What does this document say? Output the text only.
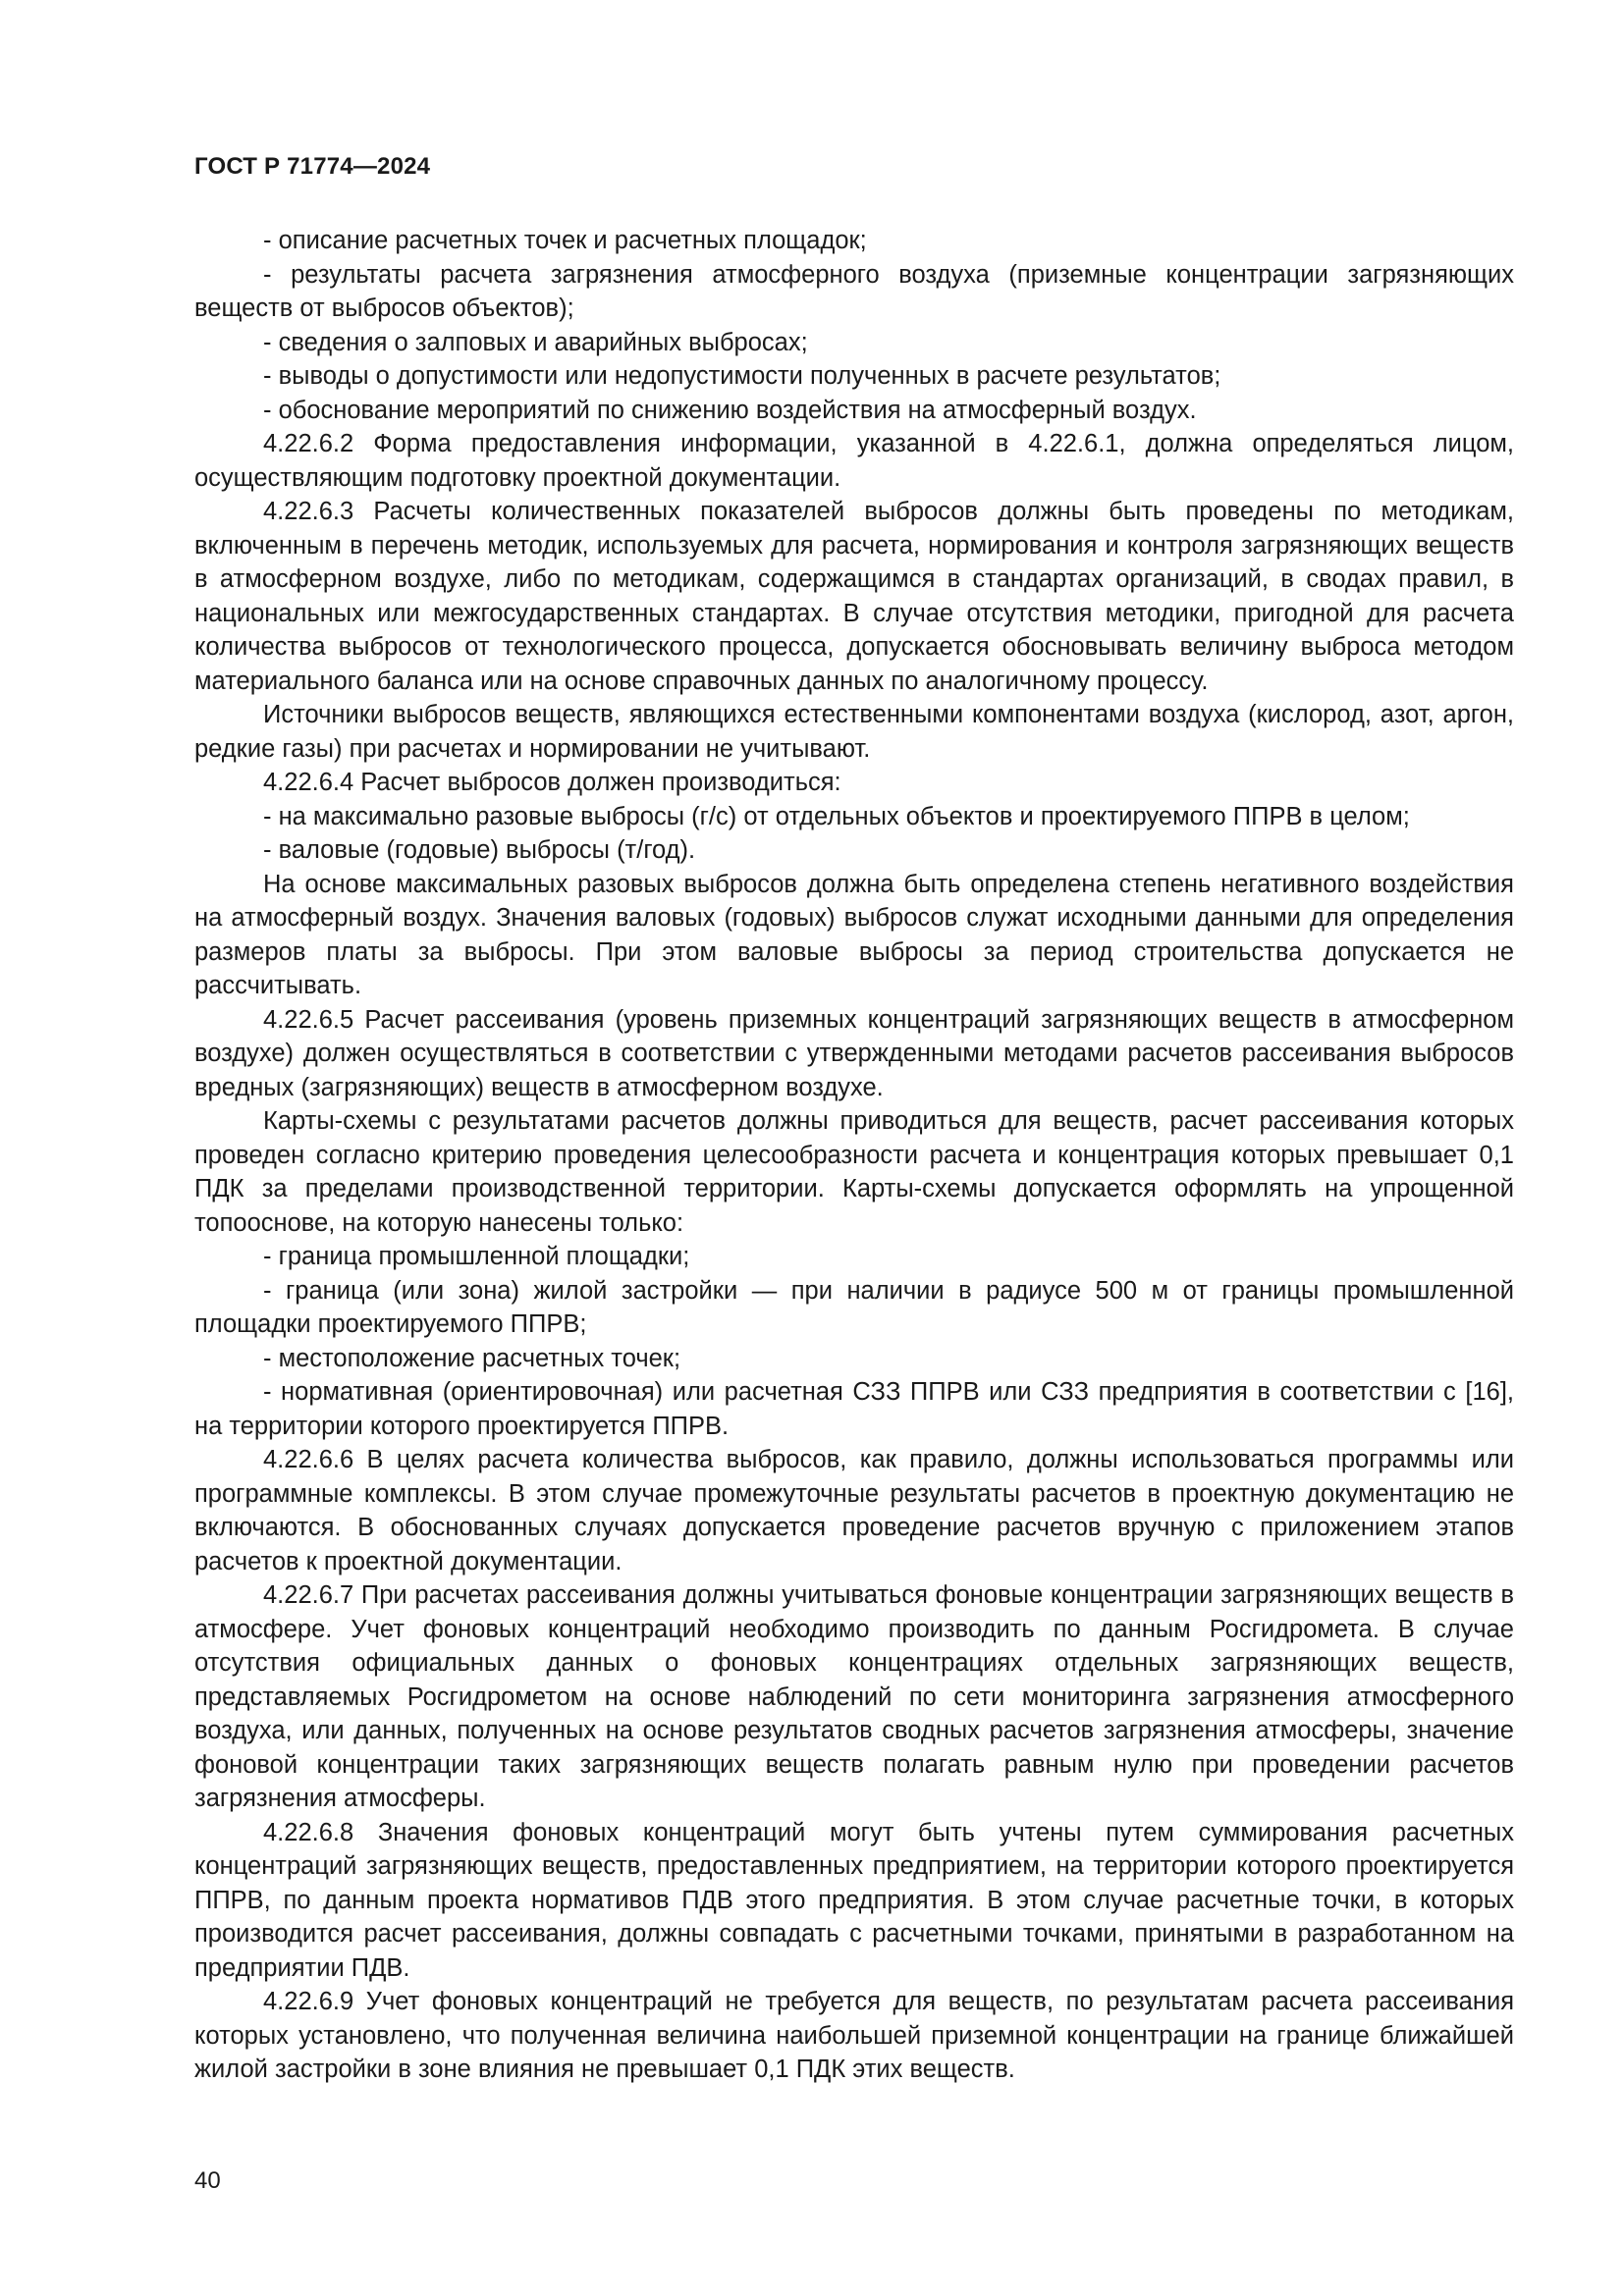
ГОСТ Р 71774—2024

- описание расчетных точек и расчетных площадок;

- результаты расчета загрязнения атмосферного воздуха (приземные концентрации загрязняющих веществ от выбросов объектов);

- сведения о залповых и аварийных выбросах;

- выводы о допустимости или недопустимости полученных в расчете результатов;

- обоснование мероприятий по снижению воздействия на атмосферный воздух.

4.22.6.2 Форма предоставления информации, указанной в 4.22.6.1, должна определяться лицом, осуществляющим подготовку проектной документации.

4.22.6.3 Расчеты количественных показателей выбросов должны быть проведены по методикам, включенным в перечень методик, используемых для расчета, нормирования и контроля загрязняющих веществ в атмосферном воздухе, либо по методикам, содержащимся в стандартах организаций, в сводах правил, в национальных или межгосударственных стандартах. В случае отсутствия методики, пригодной для расчета количества выбросов от технологического процесса, допускается обосновывать величину выброса методом материального баланса или на основе справочных данных по аналогичному процессу.

Источники выбросов веществ, являющихся естественными компонентами воздуха (кислород, азот, аргон, редкие газы) при расчетах и нормировании не учитывают.

4.22.6.4 Расчет выбросов должен производиться:

- на максимально разовые выбросы (г/с) от отдельных объектов и проектируемого ППРВ в целом;

- валовые (годовые) выбросы (т/год).

На основе максимальных разовых выбросов должна быть определена степень негативного воздействия на атмосферный воздух. Значения валовых (годовых) выбросов служат исходными данными для определения размеров платы за выбросы. При этом валовые выбросы за период строительства допускается не рассчитывать.

4.22.6.5 Расчет рассеивания (уровень приземных концентраций загрязняющих веществ в атмосферном воздухе) должен осуществляться в соответствии с утвержденными методами расчетов рассеивания выбросов вредных (загрязняющих) веществ в атмосферном воздухе.

Карты-схемы с результатами расчетов должны приводиться для веществ, расчет рассеивания которых проведен согласно критерию проведения целесообразности расчета и концентрация которых превышает 0,1 ПДК за пределами производственной территории. Карты-схемы допускается оформлять на упрощенной топооснове, на которую нанесены только:

- граница промышленной площадки;

- граница (или зона) жилой застройки — при наличии в радиусе 500 м от границы промышленной площадки проектируемого ППРВ;

- местоположение расчетных точек;

- нормативная (ориентировочная) или расчетная СЗЗ ППРВ или СЗЗ предприятия в соответствии с [16], на территории которого проектируется ППРВ.

4.22.6.6 В целях расчета количества выбросов, как правило, должны использоваться программы или программные комплексы. В этом случае промежуточные результаты расчетов в проектную документацию не включаются. В обоснованных случаях допускается проведение расчетов вручную с приложением этапов расчетов к проектной документации.

4.22.6.7 При расчетах рассеивания должны учитываться фоновые концентрации загрязняющих веществ в атмосфере. Учет фоновых концентраций необходимо производить по данным Росгидромета. В случае отсутствия официальных данных о фоновых концентрациях отдельных загрязняющих веществ, представляемых Росгидрометом на основе наблюдений по сети мониторинга загрязнения атмосферного воздуха, или данных, полученных на основе результатов сводных расчетов загрязнения атмосферы, значение фоновой концентрации таких загрязняющих веществ полагать равным нулю при проведении расчетов загрязнения атмосферы.

4.22.6.8 Значения фоновых концентраций могут быть учтены путем суммирования расчетных концентраций загрязняющих веществ, предоставленных предприятием, на территории которого проектируется ППРВ, по данным проекта нормативов ПДВ этого предприятия. В этом случае расчетные точки, в которых производится расчет рассеивания, должны совпадать с расчетными точками, принятыми в разработанном на предприятии ПДВ.

4.22.6.9 Учет фоновых концентраций не требуется для веществ, по результатам расчета рассеивания которых установлено, что полученная величина наибольшей приземной концентрации на границе ближайшей жилой застройки в зоне влияния не превышает 0,1 ПДК этих веществ.

40
